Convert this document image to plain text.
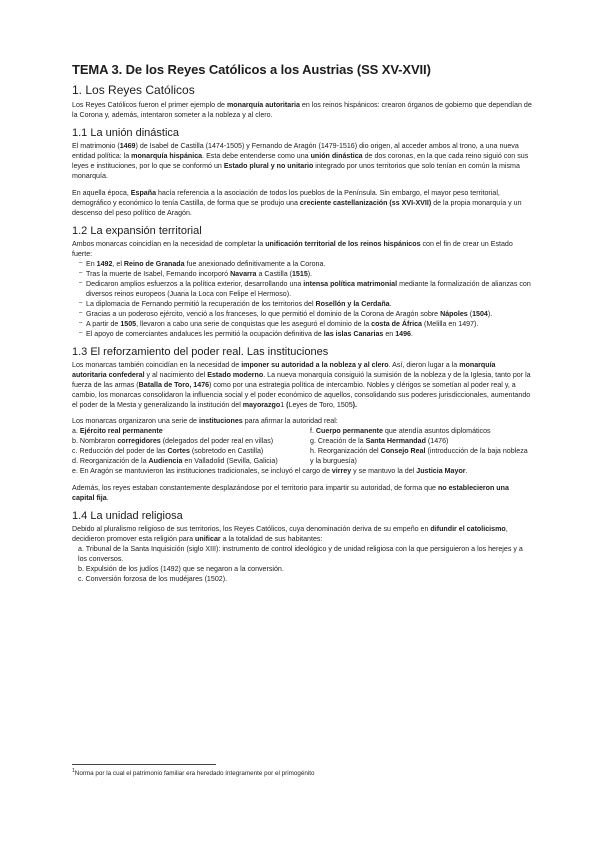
TEMA 3. De los Reyes Católicos a los Austrias (SS XV-XVII)
1. Los Reyes Católicos

Los Reyes Católicos fueron el primer ejemplo de monarquía autoritaria en los reinos hispánicos: crearon órganos de gobierno que dependían de la Corona y, además, intentaron someter a la nobleza y al clero.

1.1 La unión dinástica

El matrimonio (1469) de Isabel de Castilla (1474-1505) y Fernando de Aragón (1479-1516) dio origen, al acceder ambos al trono, a una nueva entidad política: la monarquía hispánica. Esta debe entenderse como una unión dinástica de dos coronas, en la que cada reino siguió con sus leyes e instituciones, por lo que se conformó un Estado plural y no unitario integrado por unos territorios que solo tenían en común la misma monarquía.

En aquella época, España hacía referencia a la asociación de todos los pueblos de la Península. Sin embargo, el mayor peso territorial, demográfico y económico lo tenía Castilla, de forma que se produjo una creciente castellanización (ss XVI-XVII) de la propia monarquía y un descenso del peso político de Aragón.

1.2 La expansión territorial

Ambos monarcas coincidían en la necesidad de completar la unificación territorial de los reinos hispánicos con el fin de crear un Estado fuerte:

– En 1492, el Reino de Granada fue anexionado definitivamente a la Corona.
– Tras la muerte de Isabel, Fernando incorporó Navarra a Castilla (1515).
– Dedicaron amplios esfuerzos a la política exterior, desarrollando una intensa política matrimonial mediante la formalización de alianzas con diversos reinos europeos (Juana la Loca con Felipe el Hermoso).
– La diplomacia de Fernando permitió la recuperación de los territorios del Rosellón y la Cerdaña.
– Gracias a un poderoso ejército, venció a los franceses, lo que permitió el dominio de la Corona de Aragón sobre Nápoles (1504).
– A partir de 1505, llevaron a cabo una serie de conquistas que les aseguró el dominio de la costa de África (Melilla en 1497).
– El apoyo de comerciantes andaluces les permitió la ocupación definitiva de las islas Canarias en 1496.
1.3 El reforzamiento del poder real. Las instituciones

Los monarcas también coincidían en la necesidad de imponer su autoridad a la nobleza y al clero. Así, dieron lugar a la monarquía autoritaria confederal y al nacimiento del Estado moderno. La nueva monarquía consiguió la sumisión de la nobleza y de la Iglesia, tanto por la fuerza de las armas (Batalla de Toro, 1476) como por una estrategia política de intercambio. Nobles y clérigos se sometían al poder real y, a cambio, los monarcas consolidaron la influencia social y el poder económico de aquellos, consolidando sus poderes jurisdiccionales, aumentando el poder de la Mesta y generalizando la institución del mayorazgo1 (Leyes de Toro, 1505).

Los monarcas organizaron una serie de instituciones para afirmar la autoridad real:

a. Ejército real permanente
b. Nombraron corregidores (delegados del poder real en villas)
c. Reducción del poder de las Cortes (sobretodo en Castilla)
d. Reorganización de la Audiencia en Valladolid (Sevilla, Galicia)
f. Cuerpo permanente que atendía asuntos diplomáticos
g. Creación de la Santa Hermandad (1476)
h. Reorganización del Consejo Real (introducción de la baja nobleza y la burguesía)

e. En Aragón se mantuvieron las instituciones tradicionales, se incluyó el cargo de virrey y se mantuvo la del Justicia Mayor.

Además, los reyes estaban constantemente desplazándose por el territorio para impartir su autoridad, de forma que no establecieron una capital fija.

1.4 La unidad religiosa

Debido al pluralismo religioso de sus territorios, los Reyes Católicos, cuya denominación deriva de su empeño en difundir el catolicismo, decidieron promover esta religión para unificar a la totalidad de sus habitantes:

a. Tribunal de la Santa Inquisición (siglo XIII): instrumento de control ideológico y de unidad religiosa con la que persiguieron a los herejes y a los conversos.
b. Expulsión de los judíos (1492) que se negaron a la conversión.
c. Conversión forzosa de los mudéjares (1502).
$^1$Norma por la cual el patrimonio familiar era heredado íntegramente por el primogénito
